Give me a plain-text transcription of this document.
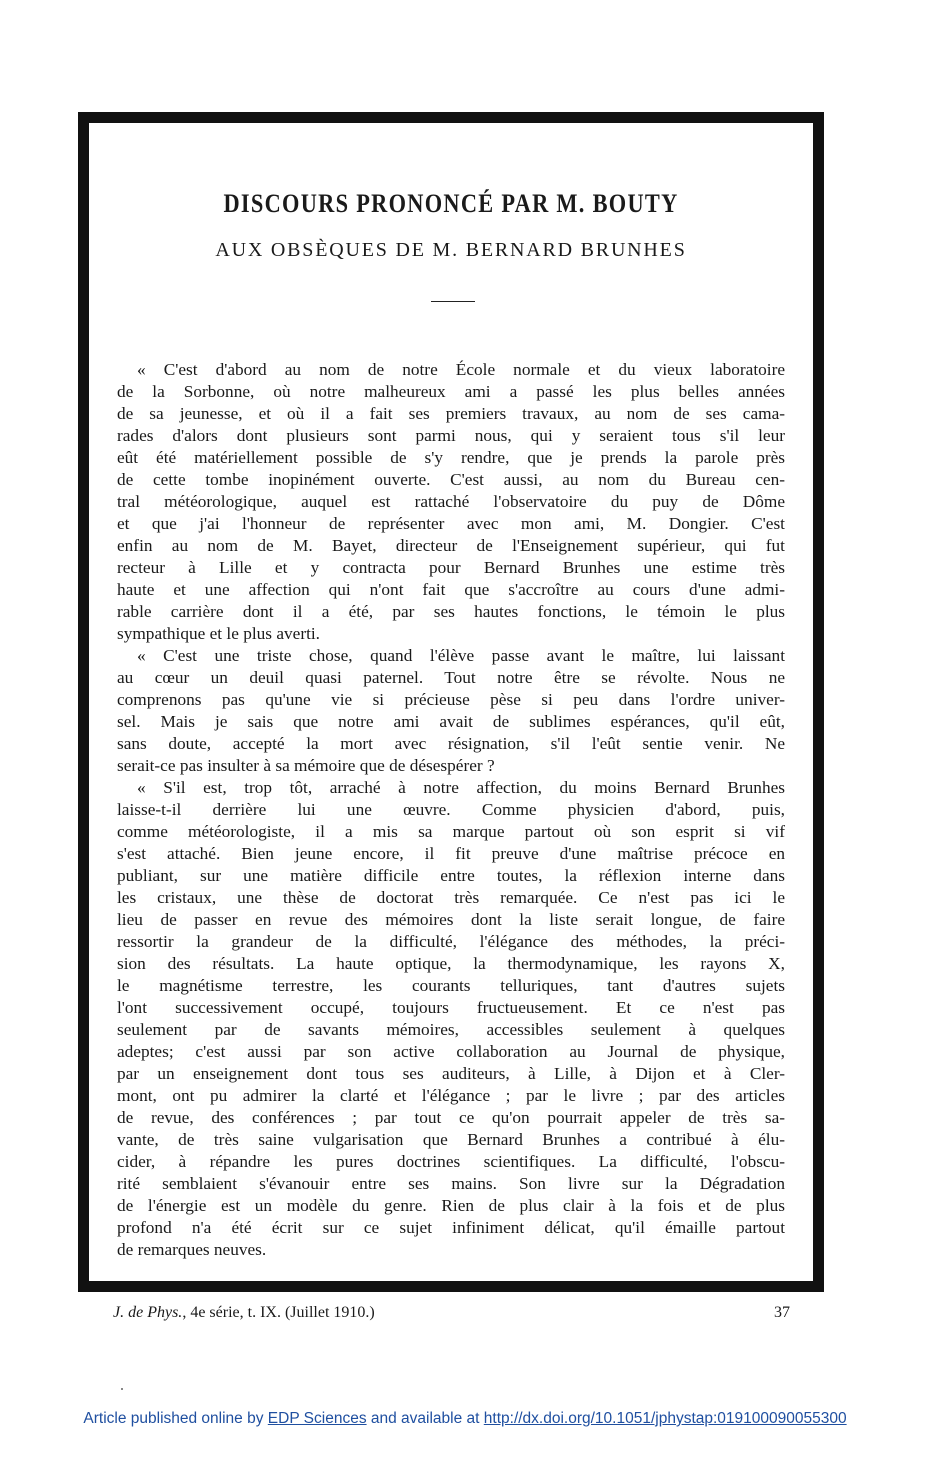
DISCOURS PRONONCÉ PAR M. BOUTY
AUX OBSÈQUES DE M. BERNARD BRUNHES
« C'est d'abord au nom de notre École normale et du vieux laboratoire
de la Sorbonne, où notre malheureux ami a passé les plus belles années
de sa jeunesse, et où il a fait ses premiers travaux, au nom de ses cama-
rades d'alors dont plusieurs sont parmi nous, qui y seraient tous s'il leur
eût été matériellement possible de s'y rendre, que je prends la parole près
de cette tombe inopinément ouverte. C'est aussi, au nom du Bureau cen-
tral météorologique, auquel est rattaché l'observatoire du puy de Dôme
et que j'ai l'honneur de représenter avec mon ami, M. Dongier. C'est
enfin au nom de M. Bayet, directeur de l'Enseignement supérieur, qui fut
recteur à Lille et y contracta pour Bernard Brunhes une estime très
haute et une affection qui n'ont fait que s'accroître au cours d'une admi-
rable carrière dont il a été, par ses hautes fonctions, le témoin le plus
sympathique et le plus averti.
« C'est une triste chose, quand l'élève passe avant le maître, lui laissant
au cœur un deuil quasi paternel. Tout notre être se révolte. Nous ne
comprenons pas qu'une vie si précieuse pèse si peu dans l'ordre univer-
sel. Mais je sais que notre ami avait de sublimes espérances, qu'il eût,
sans doute, accepté la mort avec résignation, s'il l'eût sentie venir. Ne
serait-ce pas insulter à sa mémoire que de désespérer ?
« S'il est, trop tôt, arraché à notre affection, du moins Bernard Brunhes
laisse-t-il derrière lui une œuvre. Comme physicien d'abord, puis,
comme météorologiste, il a mis sa marque partout où son esprit si vif
s'est attaché. Bien jeune encore, il fit preuve d'une maîtrise précoce en
publiant, sur une matière difficile entre toutes, la réflexion interne dans
les cristaux, une thèse de doctorat très remarquée. Ce n'est pas ici le
lieu de passer en revue des mémoires dont la liste serait longue, de faire
ressortir la grandeur de la difficulté, l'élégance des méthodes, la préci-
sion des résultats. La haute optique, la thermodynamique, les rayons X,
le magnétisme terrestre, les courants telluriques, tant d'autres sujets
l'ont successivement occupé, toujours fructueusement. Et ce n'est pas
seulement par de savants mémoires, accessibles seulement à quelques
adeptes; c'est aussi par son active collaboration au Journal de physique,
par un enseignement dont tous ses auditeurs, à Lille, à Dijon et à Cler-
mont, ont pu admirer la clarté et l'élégance ; par le livre ; par des articles
de revue, des conférences ; par tout ce qu'on pourrait appeler de très sa-
vante, de très saine vulgarisation que Bernard Brunhes a contribué à élu-
cider, à répandre les pures doctrines scientifiques. La difficulté, l'obscu-
rité semblaient s'évanouir entre ses mains. Son livre sur la Dégradation
de l'énergie est un modèle du genre. Rien de plus clair à la fois et de plus
profond n'a été écrit sur ce sujet infiniment délicat, qu'il émaille partout
de remarques neuves.
J. de Phys., 4e série, t. IX. (Juillet 1910.)	37
Article published online by EDP Sciences and available at http://dx.doi.org/10.1051/jphystap:019100090055300
